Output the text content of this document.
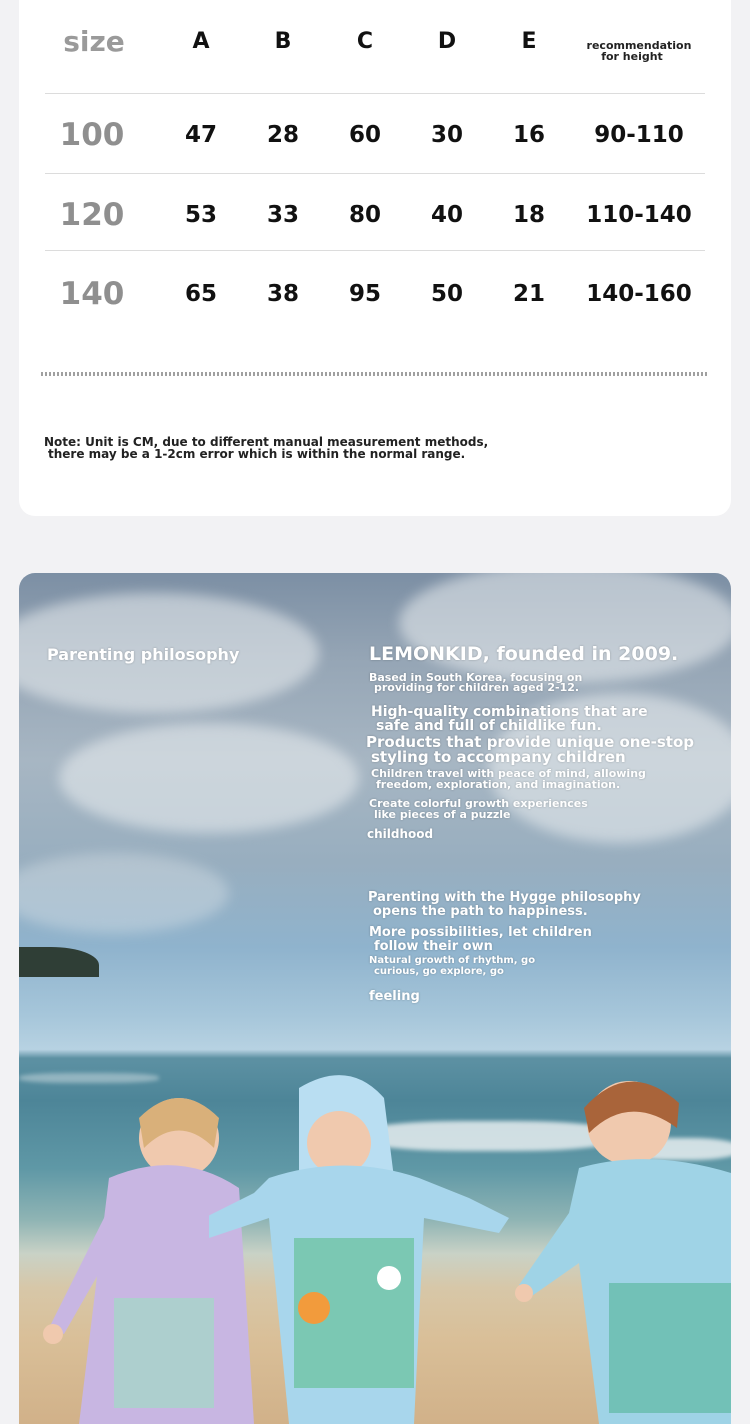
size	A	B	C	D	E	recommendation
for height
100	47	28	60	30	16	90-110
120	53	33	80	40	18	110-140
140	65	38	95	50	21	140-160
Note: Unit is CM, due to different manual measurement methods,
there may be a 1-2cm error which is within the normal range.
Parenting philosophy	LEMONKID, founded in 2009.
Based in South Korea, focusing on
providing for children aged 2-12.
High-quality combinations that are
safe and full of childlike fun.
Products that provide unique one-stop
styling to accompany children
Children travel with peace of mind, allowing
freedom, exploration, and imagination.
Create colorful growth experiences
like pieces of a puzzle
childhood
Parenting with the Hygge philosophy
opens the path to happiness.
More possibilities, let children
follow their own
Natural growth of rhythm, go
curious, go explore, go
feeling
